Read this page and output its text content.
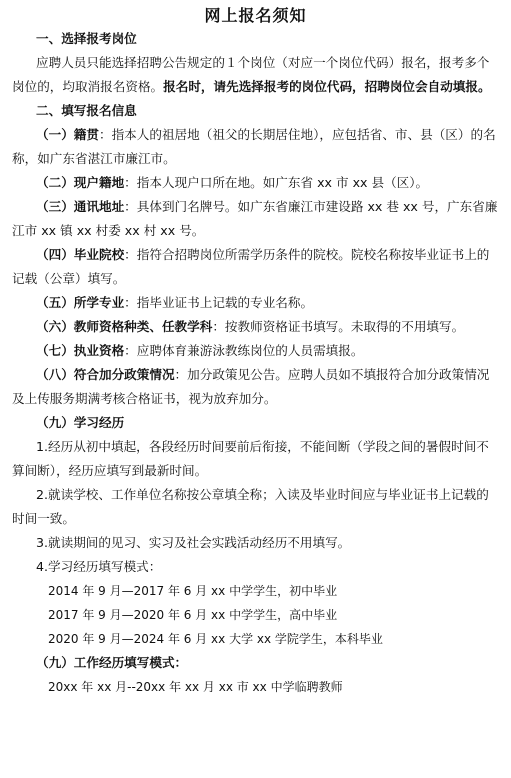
网上报名须知
一、选择报考岗位

应聘人员只能选择招聘公告规定的１个岗位（对应一个岗位代码）报名，报考多个岗位的，均取消报名资格。报名时，请先选择报考的岗位代码，招聘岗位会自动填报。

二、填写报名信息

（一）籍贯：指本人的祖居地（祖父的长期居住地），应包括省、市、县（区）的名称，如广东省湛江市廉江市。

（二）现户籍地：指本人现户口所在地。如广东省 xx 市 xx 县（区）。

（三）通讯地址：具体到门名牌号。如广东省廉江市建设路 xx 巷 xx 号，广东省廉江市 xx 镇 xx 村委 xx 村 xx 号。

（四）毕业院校：指符合招聘岗位所需学历条件的院校。院校名称按毕业证书上的记载（公章）填写。

（五）所学专业：指毕业证书上记载的专业名称。

（六）教师资格种类、任教学科：按教师资格证书填写。未取得的不用填写。

（七）执业资格：应聘体育兼游泳教练岗位的人员需填报。

（八）符合加分政策情况：加分政策见公告。应聘人员如不填报符合加分政策情况及上传服务期满考核合格证书，视为放弃加分。

（九）学习经历

1.经历从初中填起，各段经历时间要前后衔接，不能间断（学段之间的暑假时间不算间断），经历应填写到最新时间。

2.就读学校、工作单位名称按公章填全称；入读及毕业时间应与毕业证书上记载的时间一致。

3.就读期间的见习、实习及社会实践活动经历不用填写。

4.学习经历填写模式：

2014 年 9 月—2017 年 6 月 xx 中学学生，初中毕业
2017 年 9 月—2020 年 6 月 xx 中学学生，高中毕业
2020 年 9 月—2024 年 6 月 xx 大学 xx 学院学生，本科毕业
（九）工作经历填写模式：
20xx 年 xx 月--20xx 年 xx 月 xx 市 xx 中学临聘教师
